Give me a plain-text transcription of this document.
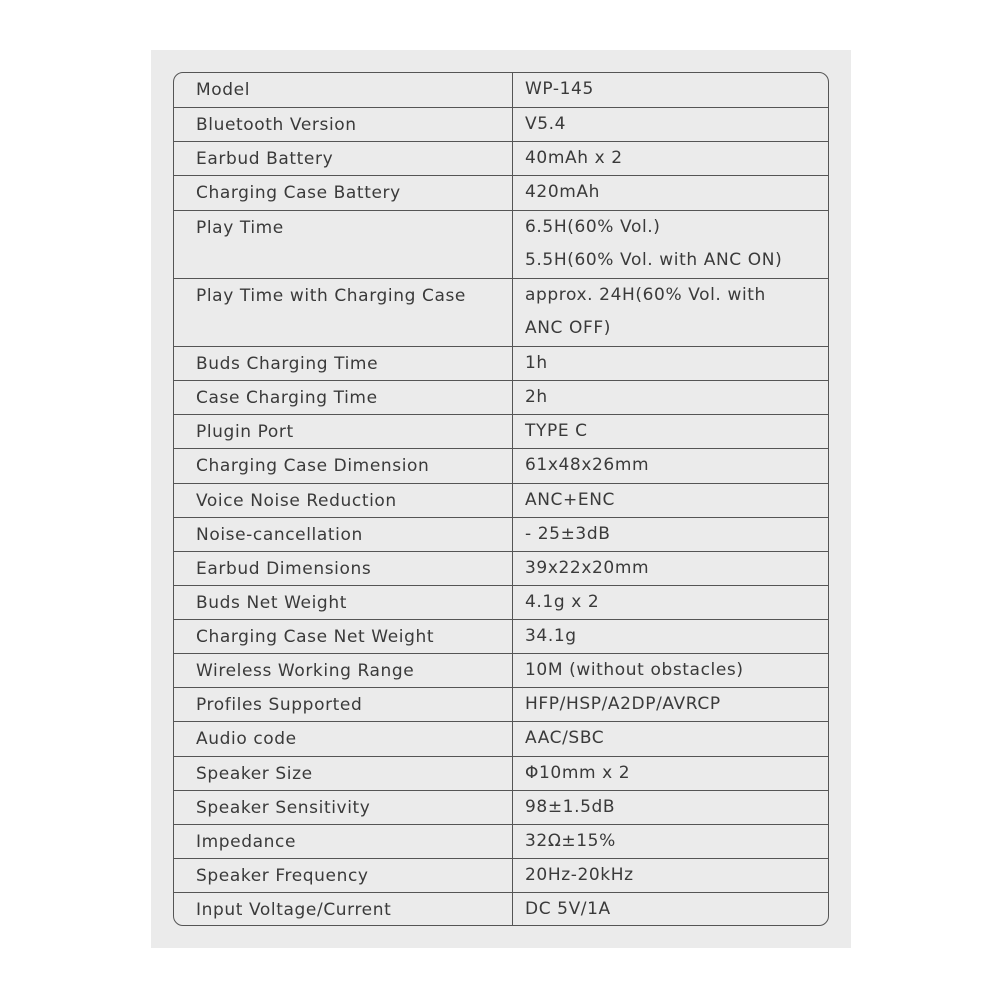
Model	WP-145
Bluetooth Version	V5.4
Earbud Battery	40mAh x 2
Charging Case Battery	420mAh
Play Time	6.5H(60% Vol.)
5.5H(60% Vol. with ANC ON)
Play Time with Charging Case	approx. 24H(60% Vol. with
ANC OFF)
Buds Charging Time	1h
Case Charging Time	2h
Plugin Port	TYPE C
Charging Case Dimension	61x48x26mm
Voice Noise Reduction	ANC+ENC
Noise-cancellation	- 25±3dB
Earbud Dimensions	39x22x20mm
Buds Net Weight	4.1g x 2
Charging Case Net Weight	34.1g
Wireless Working Range	10M (without obstacles)
Profiles Supported	HFP/HSP/A2DP/AVRCP
Audio code	AAC/SBC
Speaker Size	Φ10mm x 2
Speaker Sensitivity	98±1.5dB
Impedance	32Ω±15%
Speaker Frequency	20Hz-20kHz
Input Voltage/Current	DC 5V/1A
